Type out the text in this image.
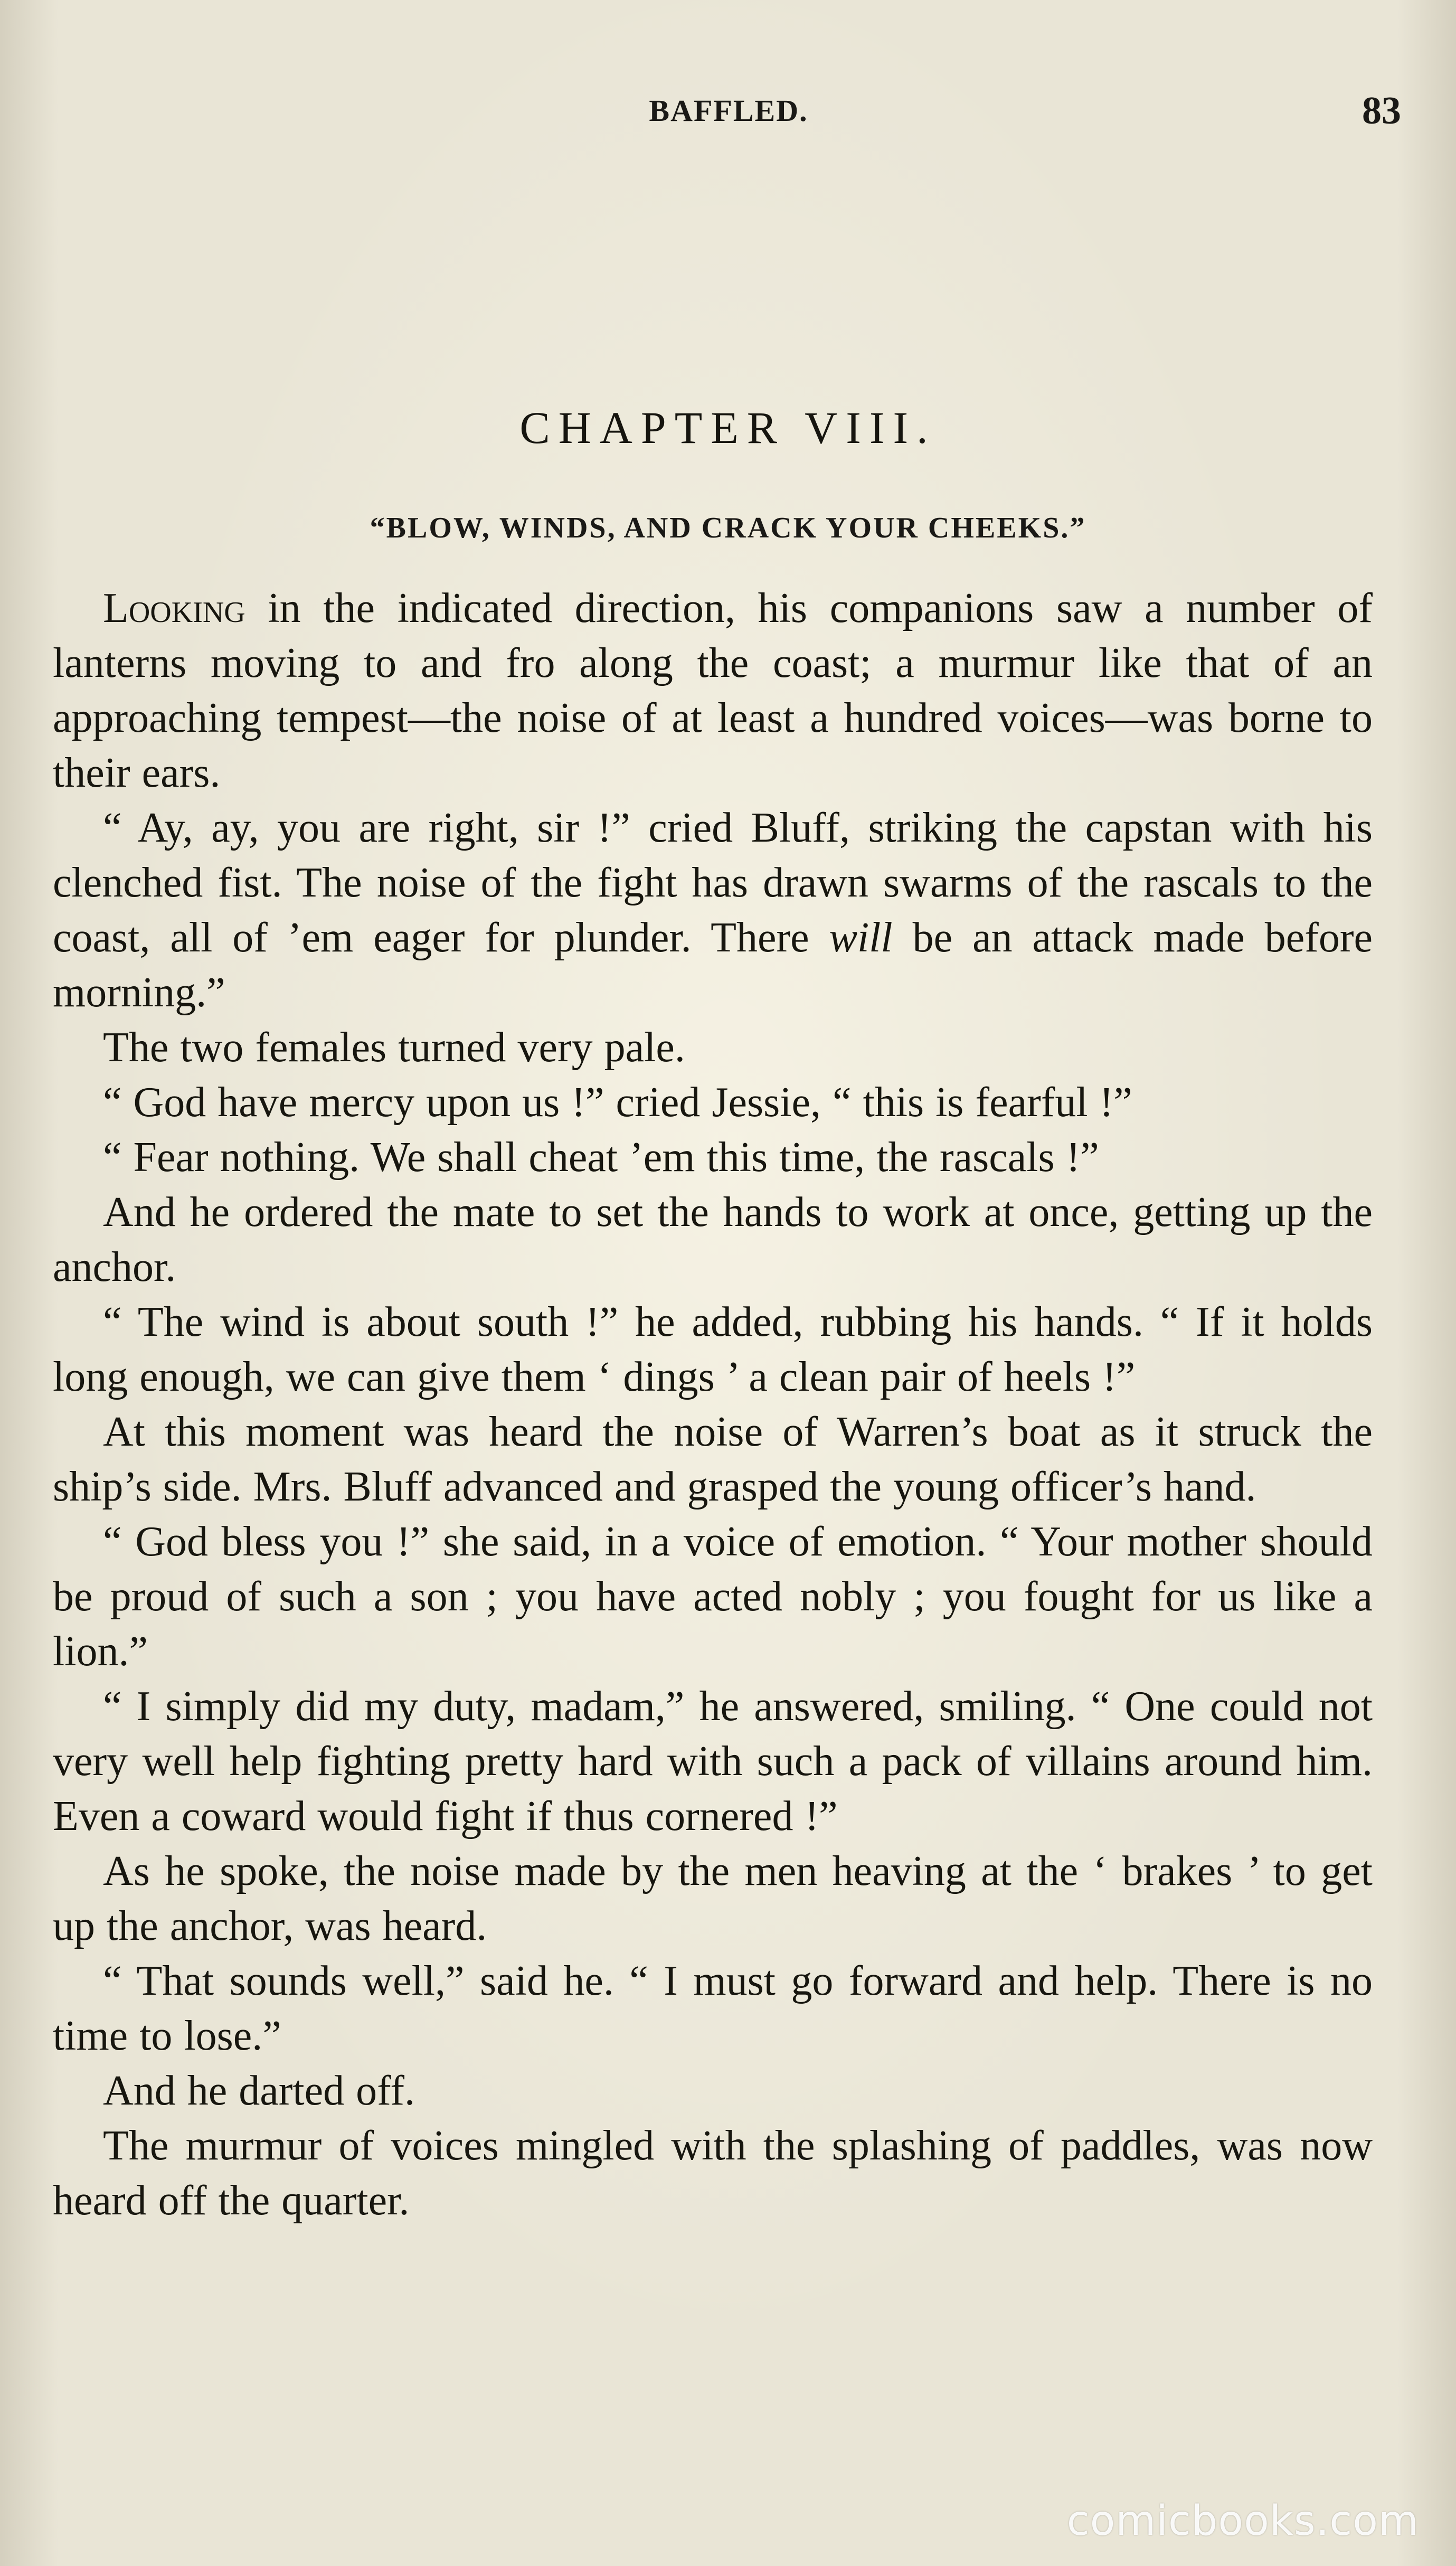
BAFFLED.	83
CHAPTER VIII.
“BLOW, WINDS, AND CRACK YOUR CHEEKS.”

Looking in the indicated direction, his companions saw a number of lanterns moving to and fro along the coast; a murmur like that of an approaching tempest—the noise of at least a hundred voices—was borne to their ears.

“ Ay, ay, you are right, sir !” cried Bluff, striking the capstan with his clenched fist. The noise of the fight has drawn swarms of the rascals to the coast, all of ’em eager for plunder. There will be an attack made before morning.”

The two females turned very pale.

“ God have mercy upon us !” cried Jessie, “ this is fearful !”

“ Fear nothing. We shall cheat ’em this time, the rascals !”

And he ordered the mate to set the hands to work at once, getting up the anchor.

“ The wind is about south !” he added, rubbing his hands. “ If it holds long enough, we can give them ‘ dings ’ a clean pair of heels !”

At this moment was heard the noise of Warren’s boat as it struck the ship’s side. Mrs. Bluff advanced and grasped the young officer’s hand.

“ God bless you !” she said, in a voice of emotion. “ Your mother should be proud of such a son ; you have acted nobly ; you fought for us like a lion.”

“ I simply did my duty, madam,” he answered, smiling. “ One could not very well help fighting pretty hard with such a pack of villains around him. Even a coward would fight if thus cornered !”

As he spoke, the noise made by the men heaving at the ‘ brakes ’ to get up the anchor, was heard.

“ That sounds well,” said he. “ I must go forward and help. There is no time to lose.”

And he darted off.

The murmur of voices mingled with the splashing of paddles, was now heard off the quarter.

comicbooks.com
